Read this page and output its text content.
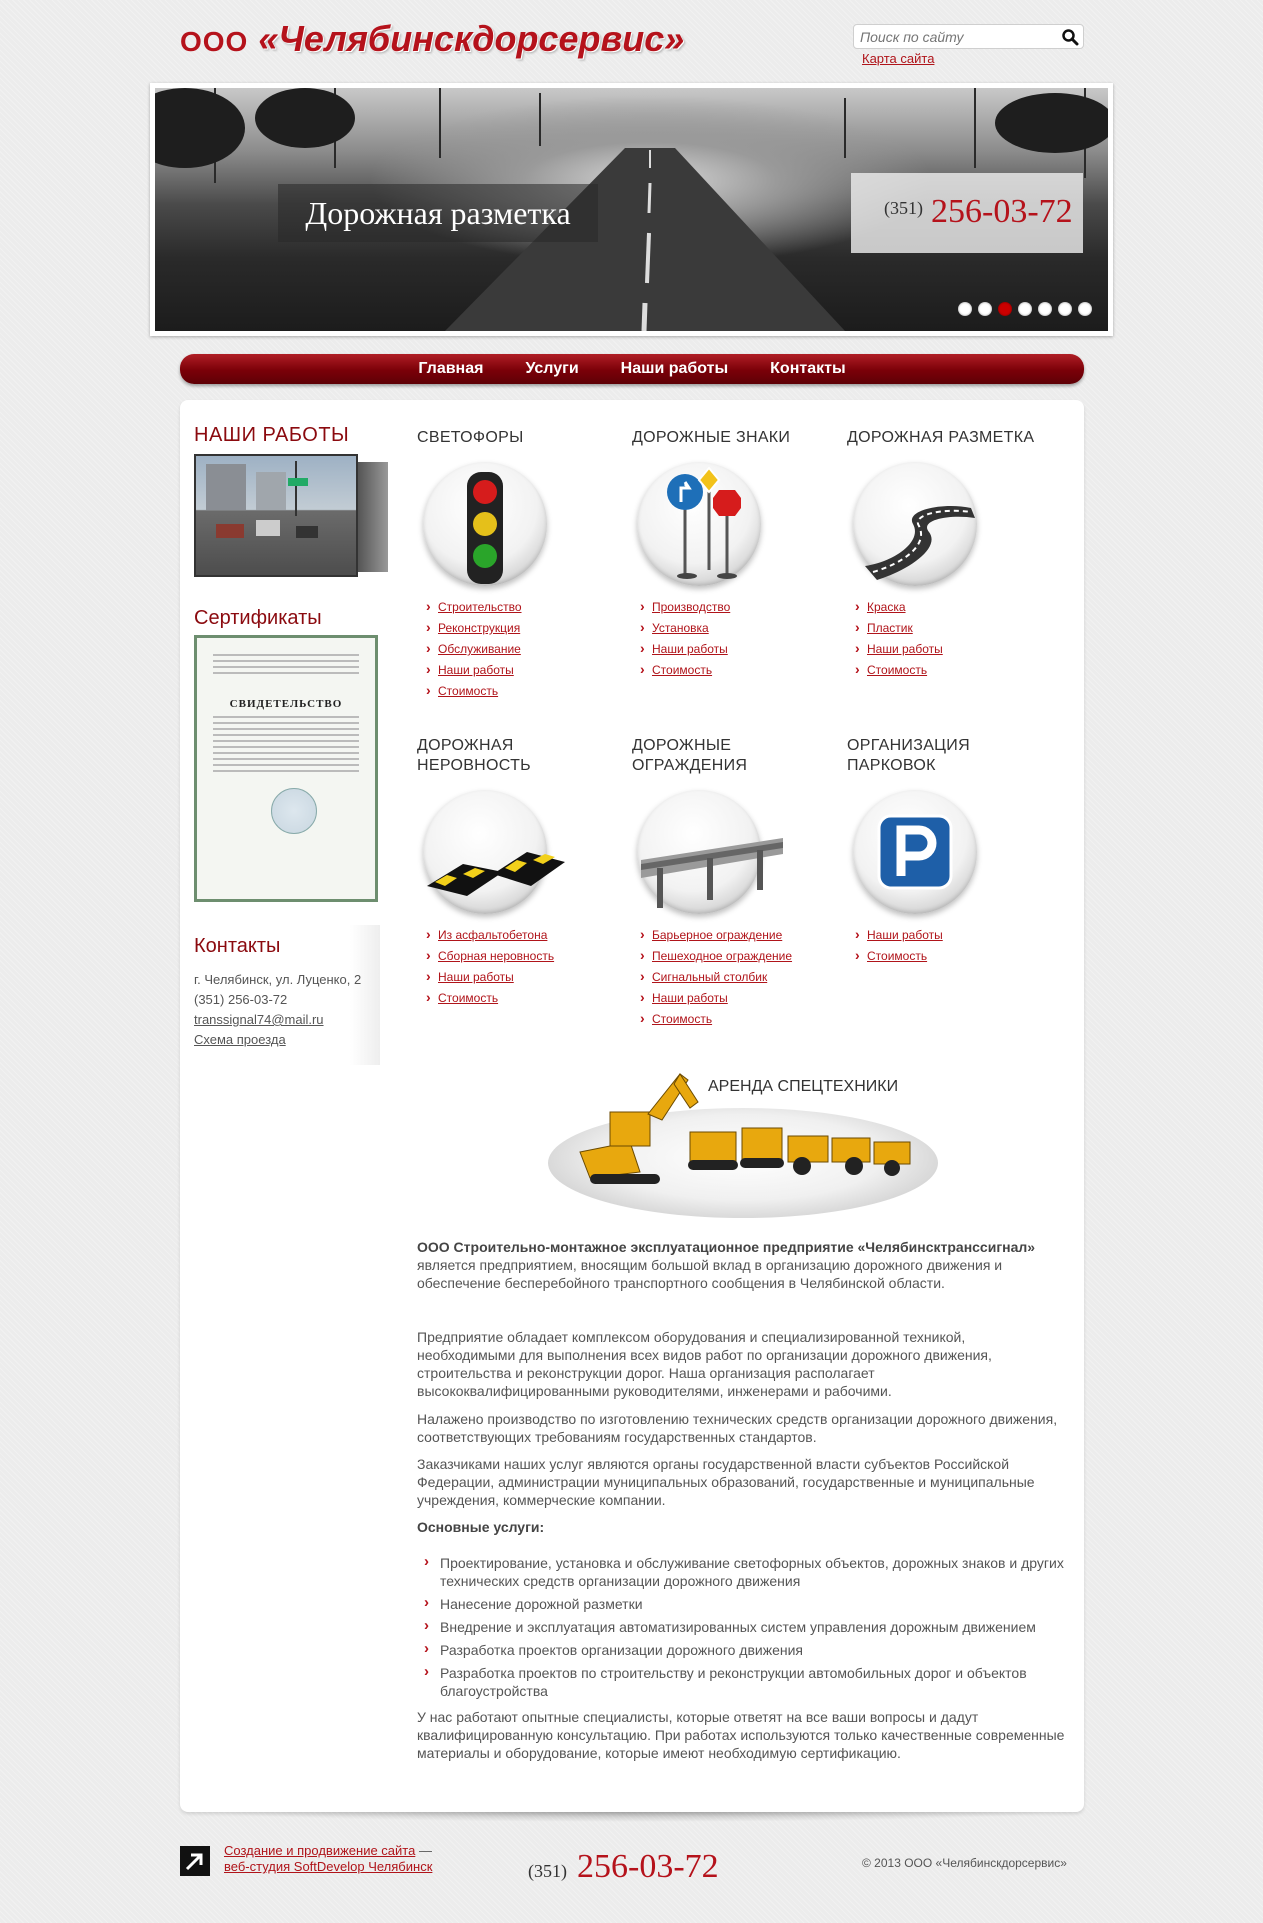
ООО «Челябинскдорсервис»
Поиск по сайту	Карта сайта
Дорожная разметка	(351) 256-03-72
Главная	Услуги	Наши работы	Контакты
НАШИ РАБОТЫ
Сертификаты
СВИДЕТЕЛЬСТВО
Контакты
г. Челябинск, ул. Луценко, 2
(351) 256-03-72
transsignal74@mail.ru
Схема проезда
СВЕТОФОРЫ
› Строительство
› Реконструкция
› Обслуживание
› Наши работы
› Стоимость
ДОРОЖНЫЕ ЗНАКИ
› Производство
› Установка
› Наши работы
› Стоимость
ДОРОЖНАЯ РАЗМЕТКА
› Краска
› Пластик
› Наши работы
› Стоимость
ДОРОЖНАЯ
НЕРОВНОСТЬ
› Из асфальтобетона
› Сборная неровность
› Наши работы
› Стоимость
ДОРОЖНЫЕ
ОГРАЖДЕНИЯ
› Барьерное ограждение
› Пешеходное ограждение
› Сигнальный столбик
› Наши работы
› Стоимость
ОРГАНИЗАЦИЯ
ПАРКОВОК
› Наши работы
› Стоимость
АРЕНДА СПЕЦТЕХНИКИ
ООО Строительно-монтажное эксплуатационное предприятие «Челябинсктранссигнал» является предприятием, вносящим большой вклад в организацию дорожного движения и обеспечение бесперебойного транспортного сообщения в Челябинской области.
Предприятие обладает комплексом оборудования и специализированной техникой, необходимыми для выполнения всех видов работ по организации дорожного движения, строительства и реконструкции дорог. Наша организация располагает высококвалифицированными руководителями, инженерами и рабочими.
Налажено производство по изготовлению технических средств организации дорожного движения, соответствующих требованиям государственных стандартов.
Заказчиками наших услуг являются органы государственной власти субъектов Российской Федерации, администрации муниципальных образований, государственные и муниципальные учреждения, коммерческие компании.
Основные услуги:
› Проектирование, установка и обслуживание светофорных объектов, дорожных знаков и других технических средств организации дорожного движения
› Нанесение дорожной разметки
› Внедрение и эксплуатация автоматизированных систем управления дорожным движением
› Разработка проектов организации дорожного движения
› Разработка проектов по строительству и реконструкции автомобильных дорог и объектов благоустройства
У нас работают опытные специалисты, которые ответят на все ваши вопросы и дадут квалифицированную консультацию. При работах используются только качественные современные материалы и оборудование, которые имеют необходимую сертификацию.
Создание и продвижение сайта —
веб-студия SoftDevelop Челябинск	(351) 256-03-72	© 2013 ООО «Челябинскдорсервис»
